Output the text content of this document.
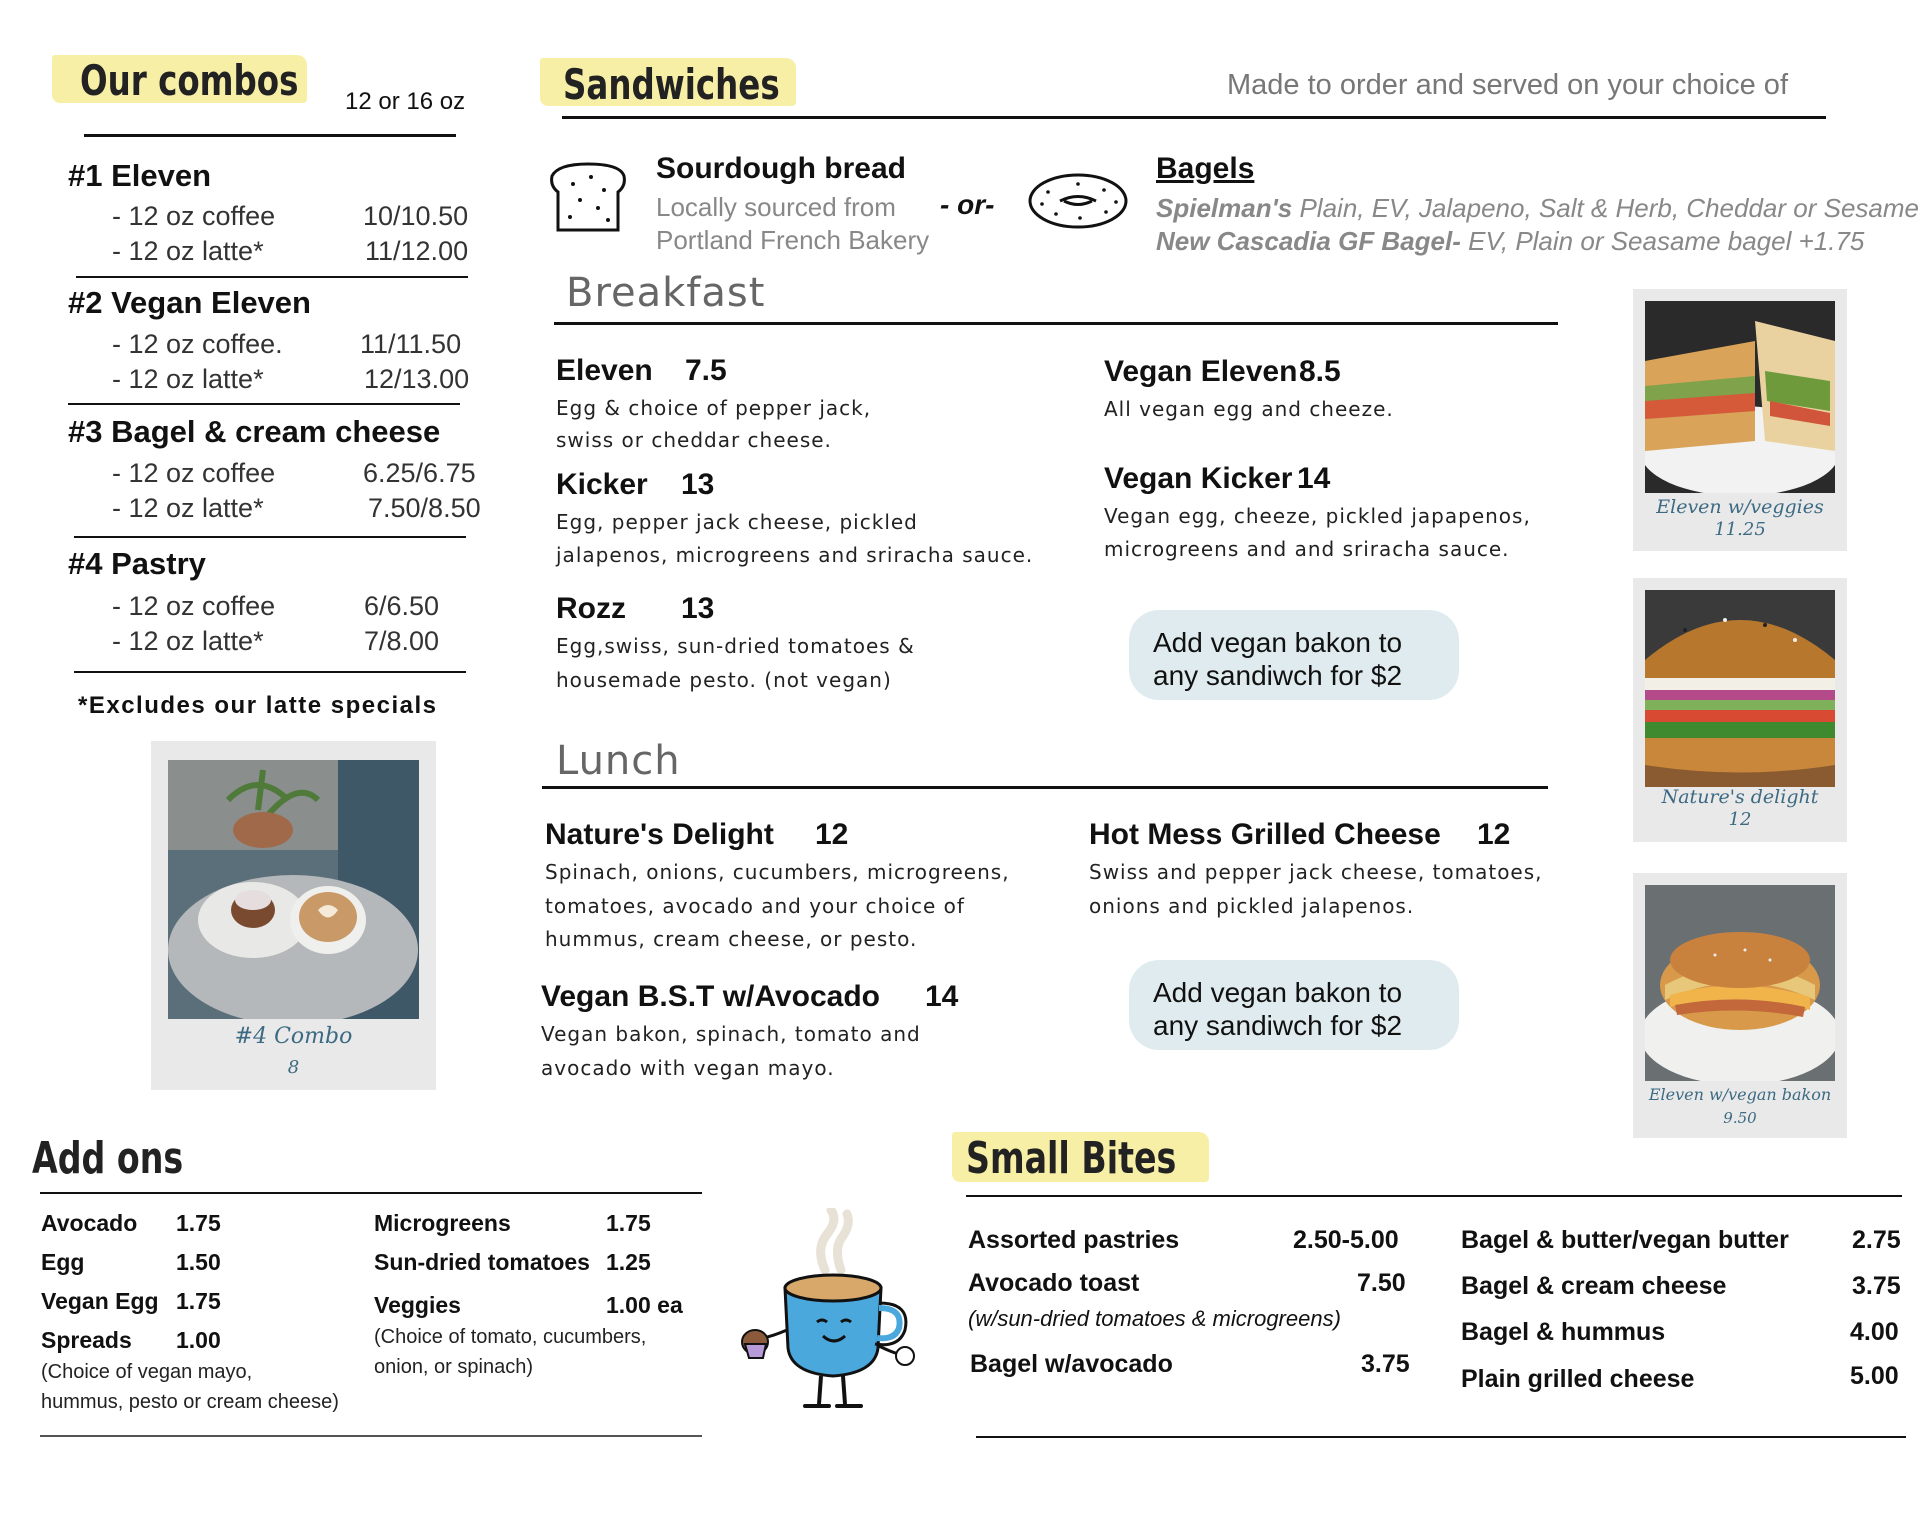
Our combos 12 or 16 oz
#1 Eleven
- 12 oz coffee	10/10.50
- 12 oz latte*	11/12.00
#2 Vegan Eleven
- 12 oz coffee.	11/11.50
- 12 oz latte*	12/13.00
#3 Bagel & cream cheese
- 12 oz coffee	6.25/6.75
- 12 oz latte*	7.50/8.50
#4 Pastry
- 12 oz coffee	6/6.50
- 12 oz latte*	7/8.00
*Excludes our latte specials
#4 Combo
8
Sandwiches	Made to order and served on your choice of
Sourdough bread
Locally sourced from
Portland French Bakery
- or-
Bagels
Spielman's Plain, EV, Jalapeno, Salt & Herb, Cheddar or Sesame
New Cascadia GF Bagel- EV, Plain or Seasame bagel +1.75
Breakfast
Eleven 7.5
Egg & choice of pepper jack,
swiss or cheddar cheese.
Vegan Eleven 8.5
All vegan egg and cheeze.
Kicker 13
Egg, pepper jack cheese, pickled
jalapenos, microgreens and sriracha sauce.
Vegan Kicker 14
Vegan egg, cheeze, pickled japapenos,
microgreens and and sriracha sauce.
Rozz 13
Egg,swiss, sun-dried tomatoes &
housemade pesto. (not vegan)
Add vegan bakon to
any sandiwch for $2
Lunch
Nature's Delight 12
Spinach, onions, cucumbers, microgreens,
tomatoes, avocado and your choice of
hummus, cream cheese, or pesto.
Hot Mess Grilled Cheese 12
Swiss and pepper jack cheese, tomatoes,
onions and pickled jalapenos.
Vegan B.S.T w/Avocado 14
Vegan bakon, spinach, tomato and
avocado with vegan mayo.
Add vegan bakon to
any sandiwch for $2
Eleven w/veggies
11.25
Nature's delight
12
Eleven w/vegan bakon
9.50
Add ons
Avocado 1.75
Egg	1.50
Vegan Egg 1.75
Spreads 1.00
(Choice of vegan mayo,
hummus, pesto or cream cheese)
Microgreens	1.75
Sun-dried tomatoes 1.25
Veggies	1.00 ea
(Choice of tomato, cucumbers,
onion, or spinach)
Small Bites
Assorted pastries	2.50-5.00
Avocado toast	7.50
(w/sun-dried tomatoes & microgreens)
Bagel w/avocado	3.75
Bagel & butter/vegan butter	2.75
Bagel & cream cheese	3.75
Bagel & hummus	4.00
Plain grilled cheese	5.00
